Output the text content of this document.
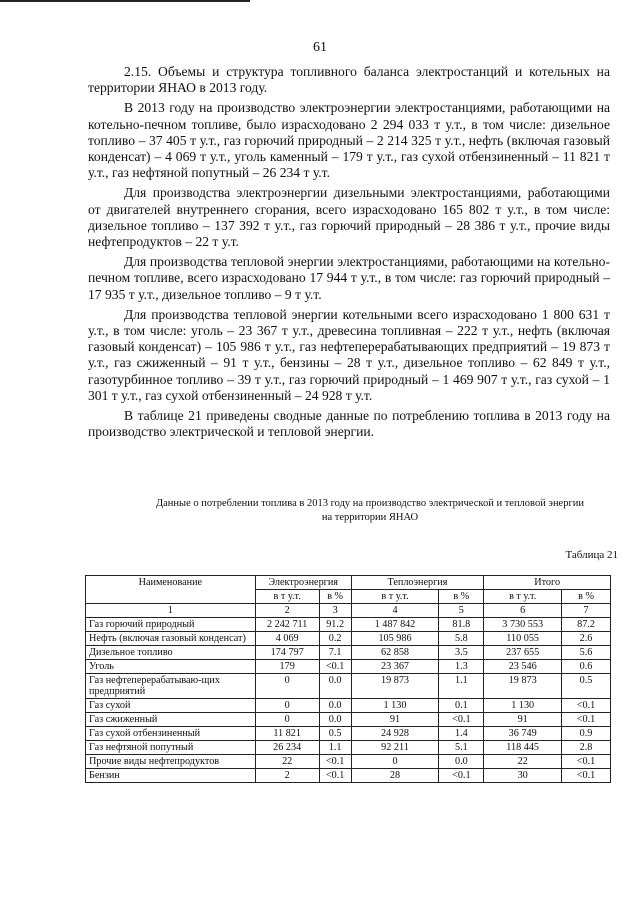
61

2.15. Объемы и структура топливного баланса электростанций и котельных на территории ЯНАО в 2013 году.

В 2013 году на производство электроэнергии электростанциями, работающими на котельно-печном топливе, было израсходовано 2 294 033 т у.т., в том числе: дизельное топливо – 37 405 т у.т., газ горючий природный – 2 214 325 т у.т., нефть (включая газовый конденсат) – 4 069 т у.т., уголь каменный – 179 т у.т., газ сухой отбензиненный – 11 821 т у.т., газ нефтяной попутный – 26 234 т у.т.

Для производства электроэнергии дизельными электростанциями, работающими от двигателей внутреннего сгорания, всего израсходовано 165 802 т у.т., в том числе: дизельное топливо – 137 392 т у.т., газ горючий природный – 28 386 т у.т., прочие виды нефтепродуктов – 22 т у.т.

Для производства тепловой энергии электростанциями, работающими на котельно-печном топливе, всего израсходовано 17 944 т у.т., в том числе: газ горючий природный – 17 935 т у.т., дизельное топливо – 9 т у.т.

Для производства тепловой энергии котельными всего израсходовано 1 800 631 т у.т., в том числе: уголь – 23 367 т у.т., древесина топливная – 222 т у.т., нефть (включая газовый конденсат) – 105 986 т у.т., газ нефтеперерабатывающих предприятий – 19 873 т у.т., газ сжиженный – 91 т у.т., бензины – 28 т у.т., дизельное топливо – 62 849 т у.т., газотурбинное топливо – 39 т у.т., газ горючий природный – 1 469 907 т у.т., газ сухой – 1 301 т у.т., газ сухой отбензиненный – 24 928 т у.т.

В таблице 21 приведены сводные данные по потреблению топлива в 2013 году на производство электрической и тепловой энергии.

Данные о потреблении топлива в 2013 году на производство электрической и тепловой энергии на территории ЯНАО
Таблица 21
Наименование	Электроэнергия		Теплоэнергия		Итого	
	в т у.т.	в %	в т у.т.	в %	в т у.т.	в %
1	2	3	4	5	6	7
Газ горючий природный	2 242 711	91.2	1 487 842	81.8	3 730 553	87.2
Нефть (включая газовый конденсат)	4 069	0.2	105 986	5.8	110 055	2.6
Дизельное топливо	174 797	7.1	62 858	3.5	237 655	5.6
Уголь	179	<0.1	23 367	1.3	23 546	0.6
Газ нефтеперерабатываю-щих предприятий	0	0.0	19 873	1.1	19 873	0.5
Газ сухой	0	0.0	1 130	0.1	1 130	<0.1
Газ сжиженный	0	0.0	91	<0.1	91	<0.1
Газ сухой отбензиненный	11 821	0.5	24 928	1.4	36 749	0.9
Газ нефтяной попутный	26 234	1.1	92 211	5.1	118 445	2.8
Прочие виды нефтепродуктов	22	<0.1	0	0.0	22	<0.1
Бензин	2	<0.1	28	<0.1	30	<0.1
